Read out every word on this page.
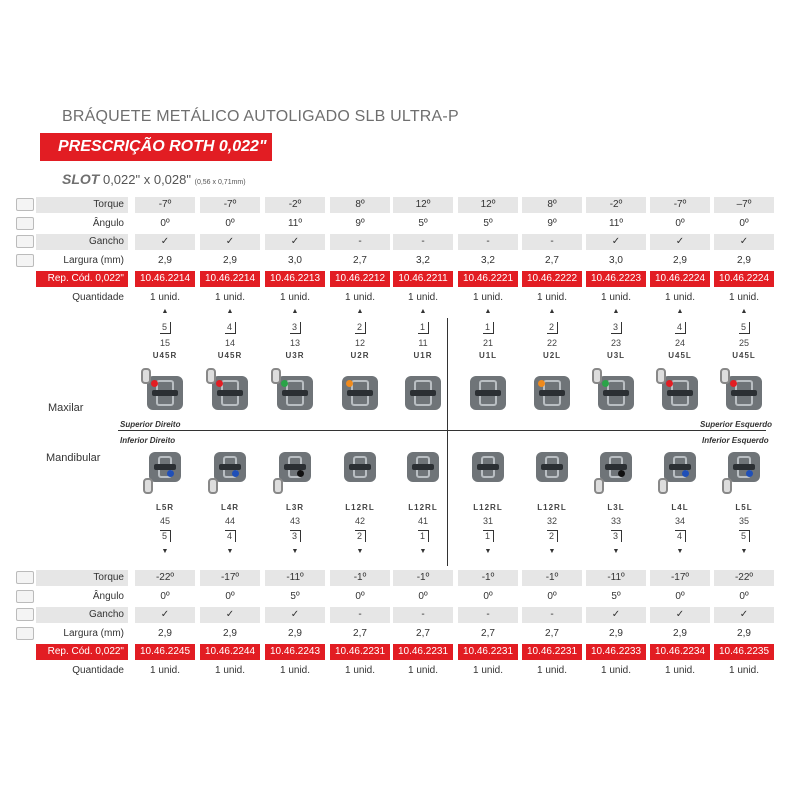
BRÁQUETE METÁLICO AUTOLIGADO SLB ULTRA-P
PRESCRIÇÃO ROTH 0,022"
SLOT 0,022" x 0,028" (0,56 x 0,71mm)
Torque	-7º	-7º	-2º	8º	12º	12º	8º	-2º	-7º	–7º
Ângulo	0º	0º	11º	9º	5º	5º	9º	11º	0º	0º
Gancho	✓	✓	✓	-	-	-	-	✓	✓	✓
Largura (mm)	2,9	2,9	3,0	2,7	3,2	3,2	2,7	3,0	2,9	2,9
Rep. Cód. 0,022"	10.46.2214	10.46.2214	10.46.2213	10.46.2212	10.46.2211	10.46.2221	10.46.2222	10.46.2223	10.46.2224	10.46.2224
Quantidade	1 unid.	1 unid.	1 unid.	1 unid.	1 unid.	1 unid.	1 unid.	1 unid.	1 unid.	1 unid.
▲
5
15
U45R
L5R
45
5
▼
▲
4
14
U45R
L4R
44
4
▼
▲
3
13
U3R
L3R
43
3
▼
▲
2
12
U2R
L12RL
42
2
▼
▲
1
11
U1R
L12RL
41
1
▼
▲
1
21
U1L
L12RL
31
1
▼
▲
2
22
U2L
L12RL
32
2
▼
▲
3
23
U3L
L3L
33
3
▼
▲
4
24
U45L
L4L
34
4
▼
▲
5
25
U45L
L5L
35
5
▼
Torque	-22º	-17º	-11º	-1º	-1º	-1º	-1º	-11º	-17º	-22º
Ângulo	0º	0º	5º	0º	0º	0º	0º	5º	0º	0º
Gancho	✓	✓	✓	-	-	-	-	✓	✓	✓
Largura (mm)	2,9	2,9	2,9	2,7	2,7	2,7	2,7	2,9	2,9	2,9
Rep. Cód. 0,022"	10.46.2245	10.46.2244	10.46.2243	10.46.2231	10.46.2231	10.46.2231	10.46.2231	10.46.2233	10.46.2234	10.46.2235
Quantidade	1 unid.	1 unid.	1 unid.	1 unid.	1 unid.	1 unid.	1 unid.	1 unid.	1 unid.	1 unid.
Maxilar
Mandibular
Superior Direito
Inferior Direito
Superior Esquerdo
Inferior Esquerdo
